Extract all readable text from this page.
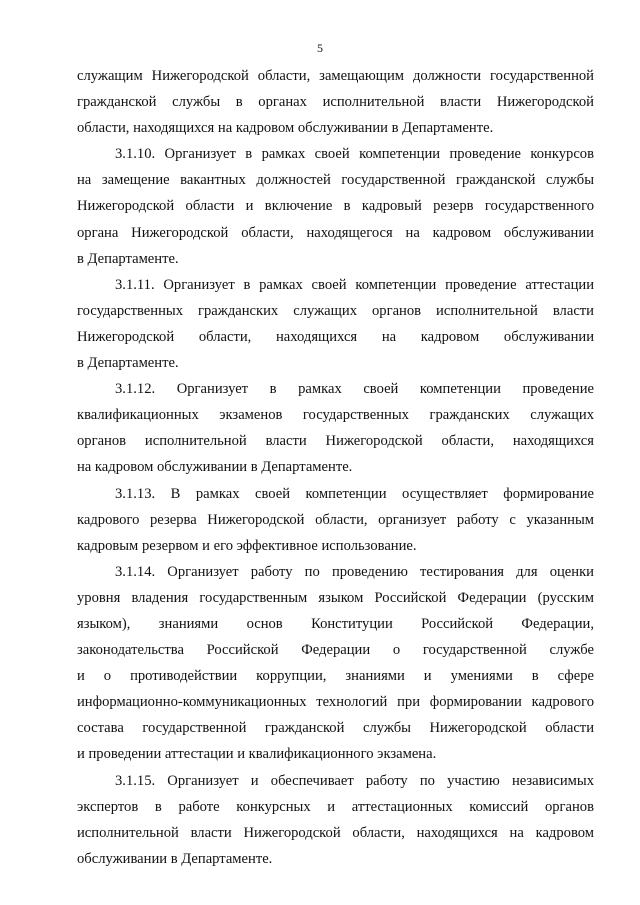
5

служащим Нижегородской области, замещающим должности государственной
гражданской службы в органах исполнительной власти Нижегородской
области, находящихся на кадровом обслуживании в Департаменте.

3.1.10. Организует в рамках своей компетенции проведение конкурсов
на замещение вакантных должностей государственной гражданской службы
Нижегородской области и включение в кадровый резерв государственного
органа Нижегородской области, находящегося на кадровом обслуживании
в Департаменте.

3.1.11. Организует в рамках своей компетенции проведение аттестации
государственных гражданских служащих органов исполнительной власти
Нижегородской области, находящихся на кадровом обслуживании
в Департаменте.

3.1.12. Организует в рамках своей компетенции проведение
квалификационных экзаменов государственных гражданских служащих
органов исполнительной власти Нижегородской области, находящихся
на кадровом обслуживании в Департаменте.

3.1.13. В рамках своей компетенции осуществляет формирование
кадрового резерва Нижегородской области, организует работу с указанным
кадровым резервом и его эффективное использование.

3.1.14. Организует работу по проведению тестирования для оценки
уровня владения государственным языком Российской Федерации (русским
языком), знаниями основ Конституции Российской Федерации,
законодательства Российской Федерации о государственной службе
и о противодействии коррупции, знаниями и умениями в сфере
информационно-коммуникационных технологий при формировании кадрового
состава государственной гражданской службы Нижегородской области
и проведении аттестации и квалификационного экзамена.

3.1.15. Организует и обеспечивает работу по участию независимых
экспертов в работе конкурсных и аттестационных комиссий органов
исполнительной власти Нижегородской области, находящихся на кадровом
обслуживании в Департаменте.
